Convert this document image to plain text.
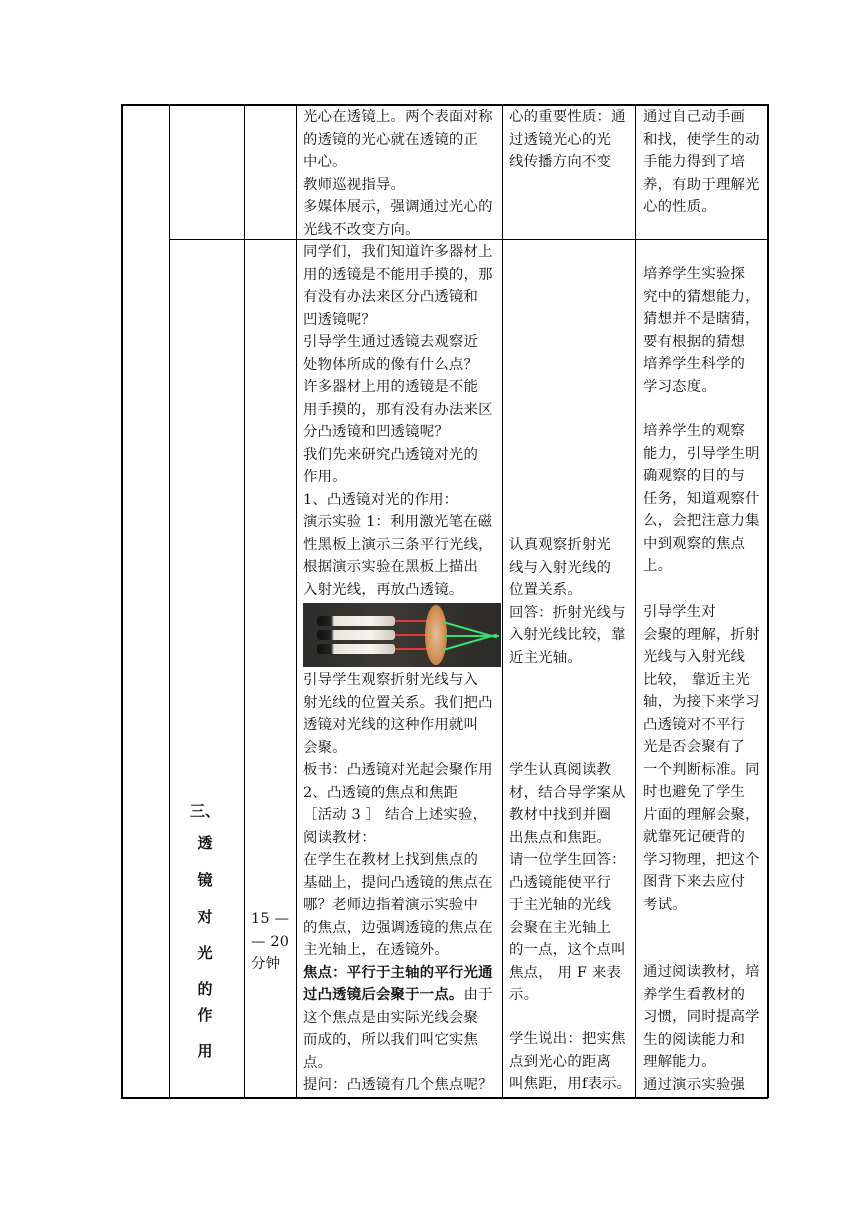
光心在透镜上。两个表面对称

的透镜的光心就在透镜的正

中心。

教师巡视指导。

多媒体展示，强调通过光心的

光线不改变方向。

心的重要性质：通

过透镜光心的光

线传播方向不变

通过自己动手画

和找，使学生的动

手能力得到了培

养，有助于理解光

心的性质。

三、
透
镜
对
光
的
作
用

15 —

— 20

分钟

同学们，我们知道许多器材上

用的透镜是不能用手摸的，那

有没有办法来区分凸透镜和

凹透镜呢？

引导学生通过透镜去观察近

处物体所成的像有什么点？

许多器材上用的透镜是不能

用手摸的，那有没有办法来区

分凸透镜和凹透镜呢？

我们先来研究凸透镜对光的

作用。

1、凸透镜对光的作用：

演示实验 1：利用激光笔在磁

性黑板上演示三条平行光线，

根据演示实验在黑板上描出

入射光线，再放凸透镜。

引导学生观察折射光线与入

射光线的位置关系。我们把凸

透镜对光线的这种作用就叫

会聚。

板书：凸透镜对光起会聚作用

2、凸透镜的焦点和焦距

［活动 3 ］ 结合上述实验，

阅读教材：

在学生在教材上找到焦点的

基础上，提问凸透镜的焦点在

哪？老师边指着演示实验中

的焦点，边强调透镜的焦点在

主光轴上，在透镜外。

焦点：平行于主轴的平行光通

过凸透镜后会聚于一点。由于

这个焦点是由实际光线会聚

而成的，所以我们叫它实焦

点。

提问：凸透镜有几个焦点呢？

认真观察折射光

线与入射光线的

位置关系。

回答：折射光线与

入射光线比较，靠

近主光轴。

学生认真阅读教

材，结合导学案从

教材中找到并圈

出焦点和焦距。

请一位学生回答：

凸透镜能使平行

于主光轴的光线

会聚在主光轴上

的一点，这个点叫

焦点， 用 F 来表

示。

学生说出：把实焦

点到光心的距离

叫焦距，用f表示。

培养学生实验探

究中的猜想能力，

猜想并不是瞎猜，

要有根据的猜想

培养学生科学的

学习态度。

培养学生的观察

能力，引导学生明

确观察的目的与

任务，知道观察什

么，会把注意力集

中到观察的焦点

上。

引导学生对

会聚的理解，折射

光线与入射光线

比较， 靠近主光

轴，为接下来学习

凸透镜对不平行

光是否会聚有了

一个判断标准。同

时也避免了学生

片面的理解会聚，

就靠死记硬背的

学习物理，把这个

图背下来去应付

考试。

通过阅读教材，培

养学生看教材的

习惯，同时提高学

生的阅读能力和

理解能力。

通过演示实验强
